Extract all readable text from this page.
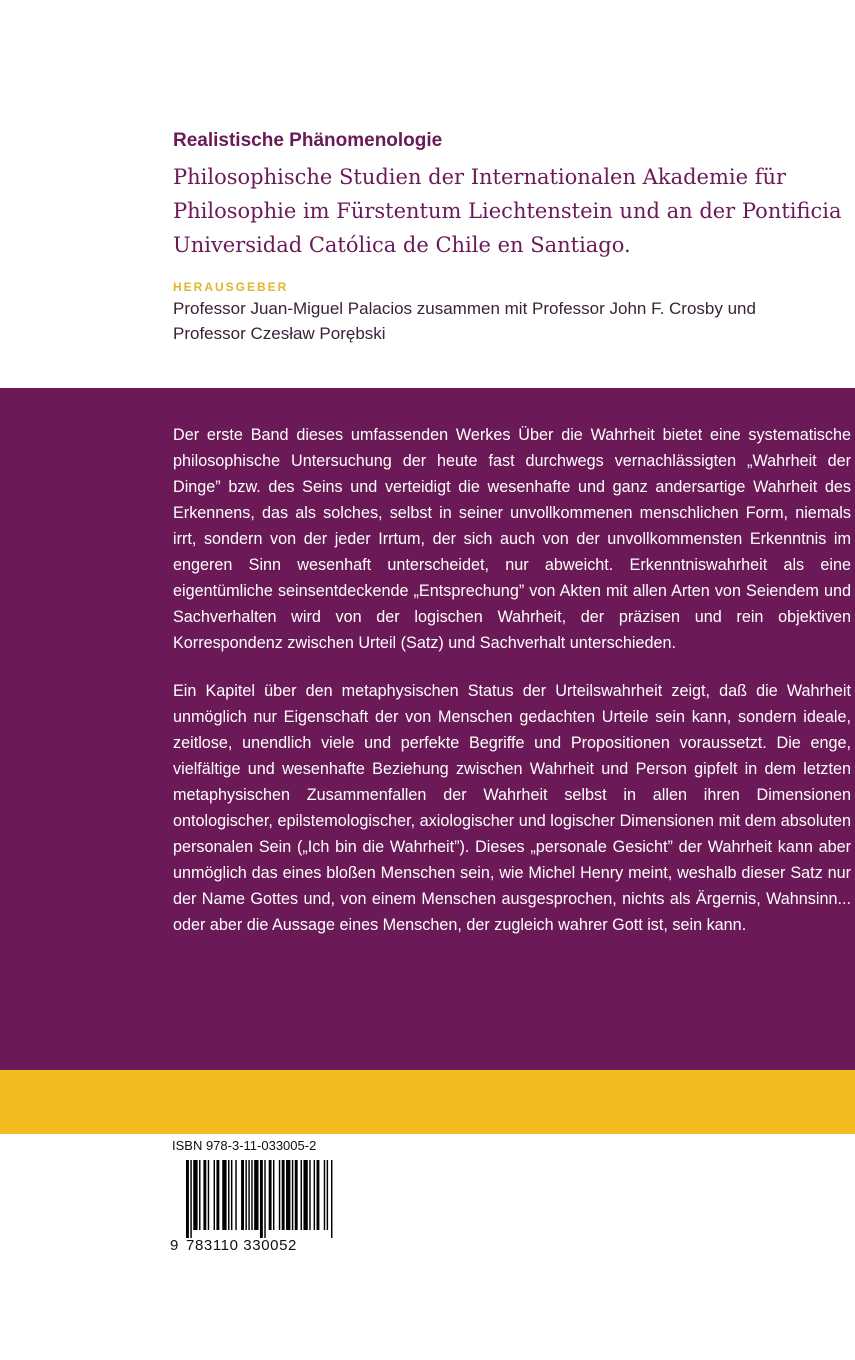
Realistische Phänomenologie

Philosophische Studien der Internationalen Akademie für Philosophie im Fürstentum Liechtenstein und an der Pontificia Universidad Católica de Chile en Santiago.

HERAUSGEBER
Professor Juan-Miguel Palacios zusammen mit Professor John F. Crosby und Professor Czesław Porębski

Der erste Band dieses umfassenden Werkes Über die Wahrheit bietet eine systematische philosophische Untersuchung der heute fast durchwegs vernachlässigten „Wahrheit der Dinge” bzw. des Seins und verteidigt die wesenhafte und ganz andersartige Wahrheit des Erkennens, das als solches, selbst in seiner unvollkommenen menschlichen Form, niemals irrt, sondern von der jeder Irrtum, der sich auch von der unvollkommensten Erkenntnis im engeren Sinn wesenhaft unterscheidet, nur abweicht. Erkenntniswahrheit als eine eigentümliche seinsentdeckende „Entsprechung” von Akten mit allen Arten von Seiendem und Sachverhalten wird von der logischen Wahrheit, der präzisen und rein objektiven Korrespondenz zwischen Urteil (Satz) und Sachverhalt unterschieden.

Ein Kapitel über den metaphysischen Status der Urteilswahrheit zeigt, daß die Wahrheit unmöglich nur Eigenschaft der von Menschen gedachten Urteile sein kann, sondern ideale, zeitlose, unendlich viele und perfekte Begriffe und Propositionen voraussetzt. Die enge, vielfältige und wesenhafte Beziehung zwischen Wahrheit und Person gipfelt in dem letzten metaphysischen Zusammenfallen der Wahrheit selbst in allen ihren Dimensionen ontologischer, epilstemologischer, axiologischer und logischer Dimensionen mit dem absoluten personalen Sein („Ich bin die Wahrheit”). Dieses „personale Gesicht” der Wahrheit kann aber unmöglich das eines bloßen Menschen sein, wie Michel Henry meint, weshalb dieser Satz nur der Name Gottes und, von einem Menschen ausgesprochen, nichts als Ärgernis, Wahnsinn... oder aber die Aussage eines Menschen, der zugleich wahrer Gott ist, sein kann.

ISBN 978-3-11-033005-2
9 783110 330052
